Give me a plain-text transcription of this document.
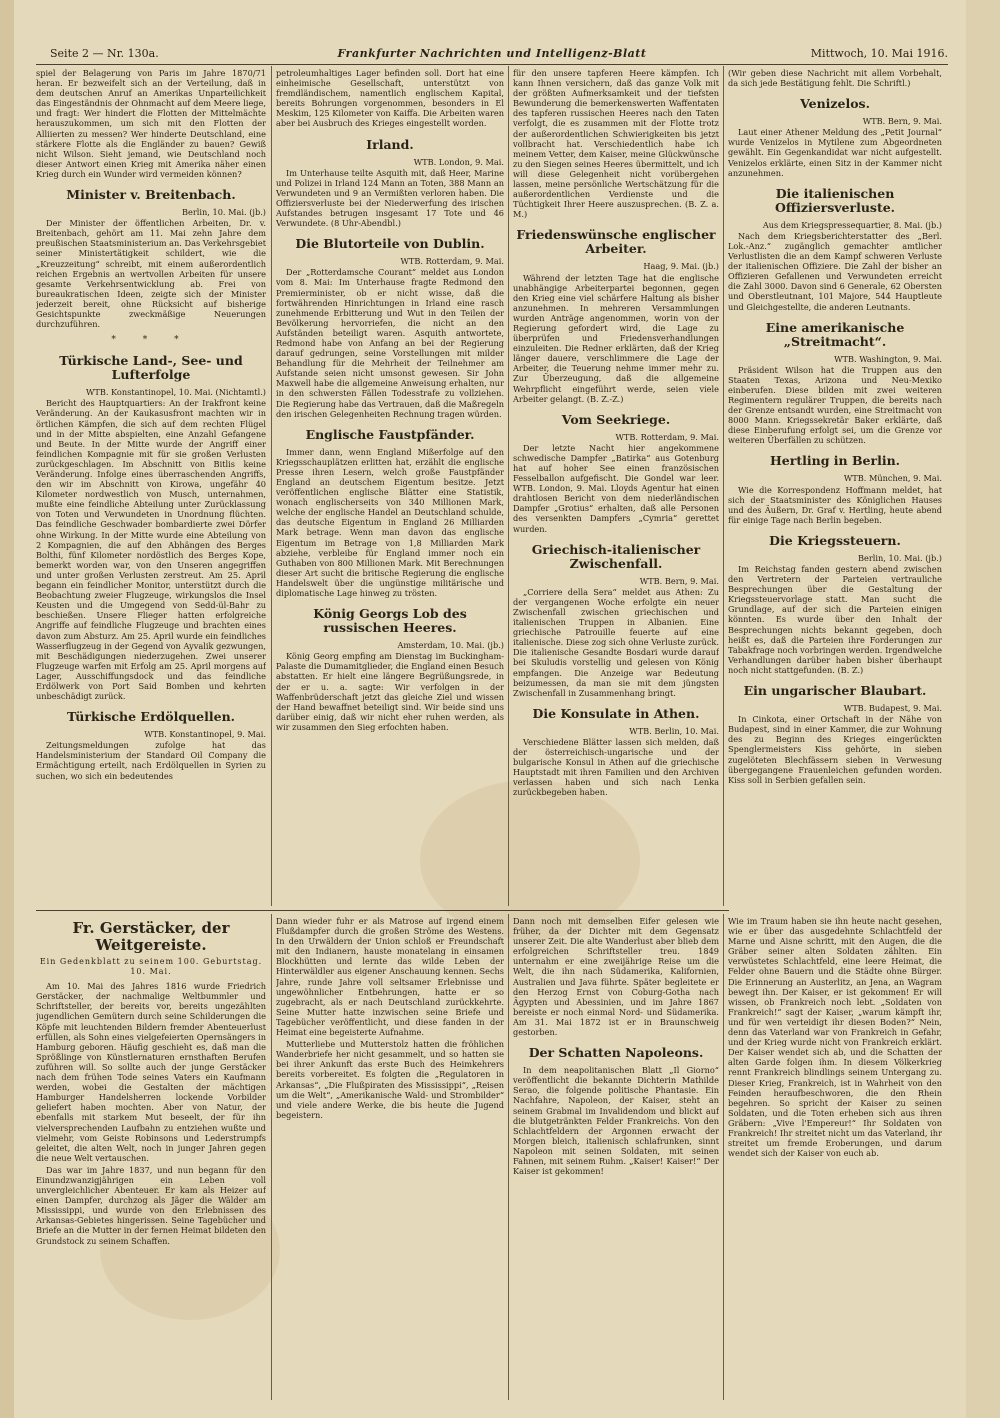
Seite 2 — Nr. 130a.	Frankfurter Nachrichten und Intelligenz-Blatt	Mittwoch, 10. Mai 1916.

spiel der Belagerung von Paris im Jahre 1870/71 heran. Er bezweifelt sich an der Verteilung, daß in dem deutschen Anruf an Amerikas Unparteilichkeit das Eingeständnis der Ohnmacht auf dem Meere liege, und fragt: Wer hindert die Flotten der Mittelmächte herauszukommen, um sich mit den Flotten der Alliierten zu messen? Wer hinderte Deutschland, eine stärkere Flotte als die Engländer zu bauen? Gewiß nicht Wilson. Sieht jemand, wie Deutschland noch dieser Antwort einen Krieg mit Amerika näher einen Krieg durch ein Wunder wird vermeiden können?

Minister v. Breitenbach.
Berlin, 10. Mai. (jb.)

Der Minister der öffentlichen Arbeiten, Dr. v. Breitenbach, gehört am 11. Mai zehn Jahre dem preußischen Staatsministerium an. Das Verkehrsgebiet seiner Ministertätigkeit schildert, wie die „Kreuzzeitung“ schreibt, mit einem außerordentlich reichen Ergebnis an wertvollen Arbeiten für unsere gesamte Verkehrsentwicklung ab. Frei von bureaukratischen Ideen, zeigte sich der Minister jederzeit bereit, ohne Rücksicht auf bisherige Gesichtspunkte zweckmäßige Neuerungen durchzuführen.

* * *
Türkische Land-, See- und Lufterfolge
WTB. Konstantinopel, 10. Mai. (Nichtamtl.)

Bericht des Hauptquartiers: An der Irakfront keine Veränderung. An der Kaukasusfront machten wir in örtlichen Kämpfen, die sich auf dem rechten Flügel und in der Mitte abspielten, eine Anzahl Gefangene und Beute. In der Mitte wurde der Angriff einer feindlichen Kompagnie mit für sie großen Verlusten zurückgeschlagen. Im Abschnitt von Bitlis keine Veränderung. Infolge eines überraschenden Angriffs, den wir im Abschnitt von Kirowa, ungefähr 40 Kilometer nordwestlich von Musch, unternahmen, mußte eine feindliche Abteilung unter Zurücklassung von Toten und Verwundeten in Unordnung flüchten. Das feindliche Geschwader bombardierte zwei Dörfer ohne Wirkung. In der Mitte wurde eine Abteilung von 2 Kompagnien, die auf den Abhängen des Berges Bolthi, fünf Kilometer nordöstlich des Berges Kope, bemerkt worden war, von den Unseren angegriffen und unter großen Verlusten zerstreut. Am 25. April begann ein feindlicher Monitor, unterstützt durch die Beobachtung zweier Flugzeuge, wirkungslos die Insel Keusten und die Umgegend von Sedd-ül-Bahr zu beschießen. Unsere Flieger hatten erfolgreiche Angriffe auf feindliche Flugzeuge und brachten eines davon zum Absturz. Am 25. April wurde ein feindliches Wasserflugzeug in der Gegend von Ayvalik gezwungen, mit Beschädigungen niederzugehen. Zwei unserer Flugzeuge warfen mit Erfolg am 25. April morgens auf Lager, Ausschiffungsdock und das feindliche Erdölwerk von Port Said Bomben und kehrten unbeschädigt zurück.

Türkische Erdölquellen.
WTB. Konstantinopel, 9. Mai.

Zeitungsmeldungen zufolge hat das Handelsministerium der Standard Oil Company die Ermächtigung erteilt, nach Erdölquellen in Syrien zu suchen, wo sich ein bedeutendes

petroleumhaltiges Lager befinden soll. Dort hat eine einheimische Gesellschaft, unterstützt von fremdländischem, namentlich englischem Kapital, bereits Bohrungen vorgenommen, besonders in El Meskim, 125 Kilometer von Kaiffa. Die Arbeiten waren aber bei Ausbruch des Krieges eingestellt worden.

Irland.
WTB. London, 9. Mai.

Im Unterhause teilte Asquith mit, daß Heer, Marine und Polizei in Irland 124 Mann an Toten, 388 Mann an Verwundeten und 9 an Vermißten verloren haben. Die Offiziersverluste bei der Niederwerfung des irischen Aufstandes betrugen insgesamt 17 Tote und 46 Verwundete. (8 Uhr-Abendbl.)

Die Blutorteile von Dublin.
WTB. Rotterdam, 9. Mai.

Der „Rotterdamsche Courant“ meldet aus London vom 8. Mai: Im Unterhause fragte Redmond den Premierminister, ob er nicht wisse, daß die fortwährenden Hinrichtungen in Irland eine rasch zunehmende Erbitterung und Wut in den Teilen der Bevölkerung hervorriefen, die nicht an den Aufständen beteiligt waren. Asquith antwortete, Redmond habe von Anfang an bei der Regierung darauf gedrungen, seine Vorstellungen mit milder Behandlung für die Mehrheit der Teilnehmer am Aufstande seien nicht umsonst gewesen. Sir John Maxwell habe die allgemeine Anweisung erhalten, nur in den schwersten Fällen Todesstrafe zu vollziehen. Die Regierung habe das Vertrauen, daß die Maßregeln den irischen Gelegenheiten Rechnung tragen würden.

Englische Faustpfänder.

Immer dann, wenn England Mißerfolge auf den Kriegsschauplätzen erlitten hat, erzählt die englische Presse ihren Lesern, welch große Faustpfänder England an deutschem Eigentum besitze. Jetzt veröffentlichen englische Blätter eine Statistik, wonach englischerseits von 340 Millionen Mark, welche der englische Handel an Deutschland schulde, das deutsche Eigentum in England 26 Milliarden Mark betrage. Wenn man davon das englische Eigentum im Betrage von 1,8 Milliarden Mark abziehe, verbleibe für England immer noch ein Guthaben von 800 Millionen Mark. Mit Berechnungen dieser Art sucht die britische Regierung die englische Handelswelt über die ungünstige militärische und diplomatische Lage hinweg zu trösten.

König Georgs Lob des russischen Heeres.
Amsterdam, 10. Mai. (jb.)

König Georg empfing am Dienstag im Buckingham-Palaste die Dumamitglieder, die England einen Besuch abstatten. Er hielt eine längere Begrüßungsrede, in der er u. a. sagte: Wir verfolgen in der Waffenbrüderschaft jetzt das gleiche Ziel und wissen der Hand bewaffnet beteiligt sind. Wir beide sind uns darüber einig, daß wir nicht eher ruhen werden, als wir zusammen den Sieg erfochten haben.

für den unsere tapferen Heere kämpfen. Ich kann Ihnen versichern, daß das ganze Volk mit der größten Aufmerksamkeit und der tiefsten Bewunderung die bemerkenswerten Waffentaten des tapferen russischen Heeres nach den Taten verfolgt, die es zusammen mit der Flotte trotz der außerordentlichen Schwierigkeiten bis jetzt vollbracht hat. Verschiedentlich habe ich meinem Vetter, dem Kaiser, meine Glückwünsche zu den Siegen seines Heeres übermittelt, und ich will diese Gelegenheit nicht vorübergehen lassen, meine persönliche Wertschätzung für die außerordentlichen Verdienste und die Tüchtigkeit Ihrer Heere auszusprechen. (B. Z. a. M.)

Friedenswünsche englischer Arbeiter.
Haag, 9. Mai. (jb.)

Während der letzten Tage hat die englische unabhängige Arbeiterpartei begonnen, gegen den Krieg eine viel schärfere Haltung als bisher anzunehmen. In mehreren Versammlungen wurden Anträge angenommen, worin von der Regierung gefordert wird, die Lage zu überprüfen und Friedensverhandlungen einzuleiten. Die Redner erklärten, daß der Krieg länger dauere, verschlimmere die Lage der Arbeiter, die Teuerung nehme immer mehr zu. Zur Überzeugung, daß die allgemeine Wehrpflicht eingeführt werde, seien viele Arbeiter gelangt. (B. Z.-Z.)

Vom Seekriege.
WTB. Rotterdam, 9. Mai.

Der letzte Nacht hier angekommene schwedische Dampfer „Batirka“ aus Gotenburg hat auf hoher See einen französischen Fesselballon aufgefischt. Die Gondel war leer. WTB. London, 9. Mai. Lloyds Agentur hat einen drahtlosen Bericht von dem niederländischen Dampfer „Grotius“ erhalten, daß alle Personen des versenkten Dampfers „Cymria“ gerettet wurden.

Griechisch-italienischer Zwischenfall.
WTB. Bern, 9. Mai.

„Corriere della Sera“ meldet aus Athen: Zu der vergangenen Woche erfolgte ein neuer Zwischenfall zwischen griechischen und italienischen Truppen in Albanien. Eine griechische Patrouille feuerte auf eine italienische. Diese zog sich ohne Verluste zurück. Die italienische Gesandte Bosdari wurde darauf bei Skuludis vorstellig und gelesen von König empfangen. Die Anzeige war Bedeutung beizumessen, da man sie mit dem jüngsten Zwischenfall in Zusammenhang bringt.

Die Konsulate in Athen.
WTB. Berlin, 10. Mai.

Verschiedene Blätter lassen sich melden, daß der österreichisch-ungarische und der bulgarische Konsul in Athen auf die griechische Hauptstadt mit ihren Familien und den Archiven verlassen haben und sich nach Lenka zurückbegeben haben.

(Wir geben diese Nachricht mit allem Vorbehalt, da sich jede Bestätigung fehlt. Die Schriftl.)

Venizelos.
WTB. Bern, 9. Mai.

Laut einer Athener Meldung des „Petit Journal“ wurde Venizelos in Mytilene zum Abgeordneten gewählt. Ein Gegenkandidat war nicht aufgestellt. Venizelos erklärte, einen Sitz in der Kammer nicht anzunehmen.

Die italienischen Offiziersverluste.
Aus dem Kriegspressequartier, 8. Mai. (jb.)

Nach dem Kriegsberichterstatter des „Berl. Lok.-Anz.“ zugänglich gemachter amtlicher Verlustlisten die an dem Kampf schweren Verluste der italienischen Offiziere. Die Zahl der bisher an Offizieren Gefallenen und Verwundeten erreicht die Zahl 3000. Davon sind 6 Generale, 62 Obersten und Oberstleutnant, 101 Majore, 544 Hauptleute und Gleichgestellte, die anderen Leutnants.

Eine amerikanische „Streitmacht“.
WTB. Washington, 9. Mai.

Präsident Wilson hat die Truppen aus den Staaten Texas, Arizona und Neu-Mexiko einberufen. Diese bilden mit zwei weiteren Regimentern regulärer Truppen, die bereits nach der Grenze entsandt wurden, eine Streitmacht von 8000 Mann. Kriegssekretär Baker erklärte, daß diese Einberufung erfolgt sei, um die Grenze vor weiteren Überfällen zu schützen.

Hertling in Berlin.
WTB. München, 9. Mai.

Wie die Korrespondenz Hoffmann meldet, hat sich der Staatsminister des Königlichen Hauses und des Äußern, Dr. Graf v. Hertling, heute abend für einige Tage nach Berlin begeben.

Die Kriegssteuern.
Berlin, 10. Mai. (jb.)

Im Reichstag fanden gestern abend zwischen den Vertretern der Parteien vertrauliche Besprechungen über die Gestaltung der Kriegssteuervorlage statt. Man sucht die Grundlage, auf der sich die Parteien einigen könnten. Es wurde über den Inhalt der Besprechungen nichts bekannt gegeben, doch heißt es, daß die Parteien ihre Forderungen zur Tabakfrage noch vorbringen werden. Irgendwelche Verhandlungen darüber haben bisher überhaupt noch nicht stattgefunden. (B. Z.)

Ein ungarischer Blaubart.
WTB. Budapest, 9. Mai.

In Cinkota, einer Ortschaft in der Nähe von Budapest, sind in einer Kammer, die zur Wohnung des zu Beginn des Krieges eingerückten Spenglermeisters Kiss gehörte, in sieben zugelöteten Blechfässern sieben in Verwesung übergegangene Frauenleichen gefunden worden. Kiss soll in Serbien gefallen sein.

Fr. Gerstäcker, der Weitgereiste.
Ein Gedenkblatt zu seinem 100. Geburtstag. 10. Mai.

Am 10. Mai des Jahres 1816 wurde Friedrich Gerstäcker, der nachmalige Weltbummler und Schriftsteller, der bereits vor, bereits ungezählten jugendlichen Gemütern durch seine Schilderungen die Köpfe mit leuchtenden Bildern fremder Abenteuerlust erfüllen, als Sohn eines vielgefeierten Opernsängers in Hamburg geboren. Häufig geschieht es, daß man die Sprößlinge von Künstlernaturen ernsthaften Berufen zuführen will. So sollte auch der junge Gerstäcker nach dem frühen Tode seines Vaters ein Kaufmann werden, wobei die Gestalten der mächtigen Hamburger Handelsherren lockende Vorbilder geliefert haben mochten. Aber von Natur, der ebenfalls mit starkem Mut beseelt, der für ihn vielversprechenden Laufbahn zu entziehen wußte und vielmehr, vom Geiste Robinsons und Lederstrumpfs geleitet, die alten Welt, noch in junger Jahren gegen die neue Welt vertauschen.

Das war im Jahre 1837, und nun begann für den Einundzwanzigjährigen ein Leben voll unvergleichlicher Abenteuer. Er kam als Heizer auf einen Dampfer, durchzog als Jäger die Wälder am Mississippi, und wurde von den Erlebnissen des Arkansas-Gebietes hingerissen. Seine Tagebücher und Briefe an die Mutter in der fernen Heimat bildeten den Grundstock zu seinem Schaffen.

Dann wieder fuhr er als Matrose auf irgend einem Flußdampfer durch die großen Ströme des Westens. In den Urwäldern der Union schloß er Freundschaft mit den Indianern, hauste monatelang in einsamen Blockhütten und lernte das wilde Leben der Hinterwäldler aus eigener Anschauung kennen. Sechs Jahre, runde Jahre voll seltsamer Erlebnisse und ungewöhnlicher Entbehrungen, hatte er so zugebracht, als er nach Deutschland zurückkehrte. Seine Mutter hatte inzwischen seine Briefe und Tagebücher veröffentlicht, und diese fanden in der Heimat eine begeisterte Aufnahme.

Mutterliebe und Mutterstolz hatten die fröhlichen Wanderbriefe her nicht gesammelt, und so hatten sie bei ihrer Ankunft das erste Buch des Heimkehrers bereits vorbereitet. Es folgten die „Regulatoren in Arkansas“, „Die Flußpiraten des Mississippi“, „Reisen um die Welt“, „Amerikanische Wald- und Strombilder“ und viele andere Werke, die bis heute die Jugend begeistern.

Dann noch mit demselben Eifer gelesen wie früher, da der Dichter mit dem Gegensatz unserer Zeit. Die alte Wanderlust aber blieb dem erfolgreichen Schriftsteller treu. 1849 unternahm er eine zweijährige Reise um die Welt, die ihn nach Südamerika, Kalifornien, Australien und Java führte. Später begleitete er den Herzog Ernst von Coburg-Gotha nach Ägypten und Abessinien, und im Jahre 1867 bereiste er noch einmal Nord- und Südamerika. Am 31. Mai 1872 ist er in Braunschweig gestorben.

Der Schatten Napoleons.

In dem neapolitanischen Blatt „Il Giorno“ veröffentlicht die bekannte Dichterin Mathilde Serao, die folgende politische Phantasie. Ein Nachfahre, Napoleon, der Kaiser, steht an seinem Grabmal im Invalidendom und blickt auf die blutgetränkten Felder Frankreichs. Von den Schlachtfeldern der Argonnen erwacht der Morgen bleich, italienisch schlafrunken, sinnt Napoleon mit seinen Soldaten, mit seinen Fahnen, mit seinem Ruhm. „Kaiser! Kaiser!“ Der Kaiser ist gekommen!

Wie im Traum haben sie ihn heute nacht gesehen, wie er über das ausgedehnte Schlachtfeld der Marne und Aisne schritt, mit den Augen, die die Gräber seiner alten Soldaten zählten. Ein verwüstetes Schlachtfeld, eine leere Heimat, die Felder ohne Bauern und die Städte ohne Bürger. Die Erinnerung an Austerlitz, an Jena, an Wagram bewegt ihn. Der Kaiser, er ist gekommen! Er will wissen, ob Frankreich noch lebt. „Soldaten von Frankreich!“ sagt der Kaiser, „warum kämpft ihr, und für wen verteidigt ihr diesen Boden?“ Nein, denn das Vaterland war von Frankreich in Gefahr, und der Krieg wurde nicht von Frankreich erklärt. Der Kaiser wendet sich ab, und die Schatten der alten Garde folgen ihm. In diesem Völkerkrieg rennt Frankreich blindlings seinem Untergang zu. Dieser Krieg, Frankreich, ist in Wahrheit von den Feinden heraufbeschworen, die den Rhein begehren. So spricht der Kaiser zu seinen Soldaten, und die Toten erheben sich aus ihren Gräbern: „Vive l'Empereur!“ Ihr Soldaten von Frankreich! Ihr streitet nicht um das Vaterland, ihr streitet um fremde Eroberungen, und darum wendet sich der Kaiser von euch ab.
